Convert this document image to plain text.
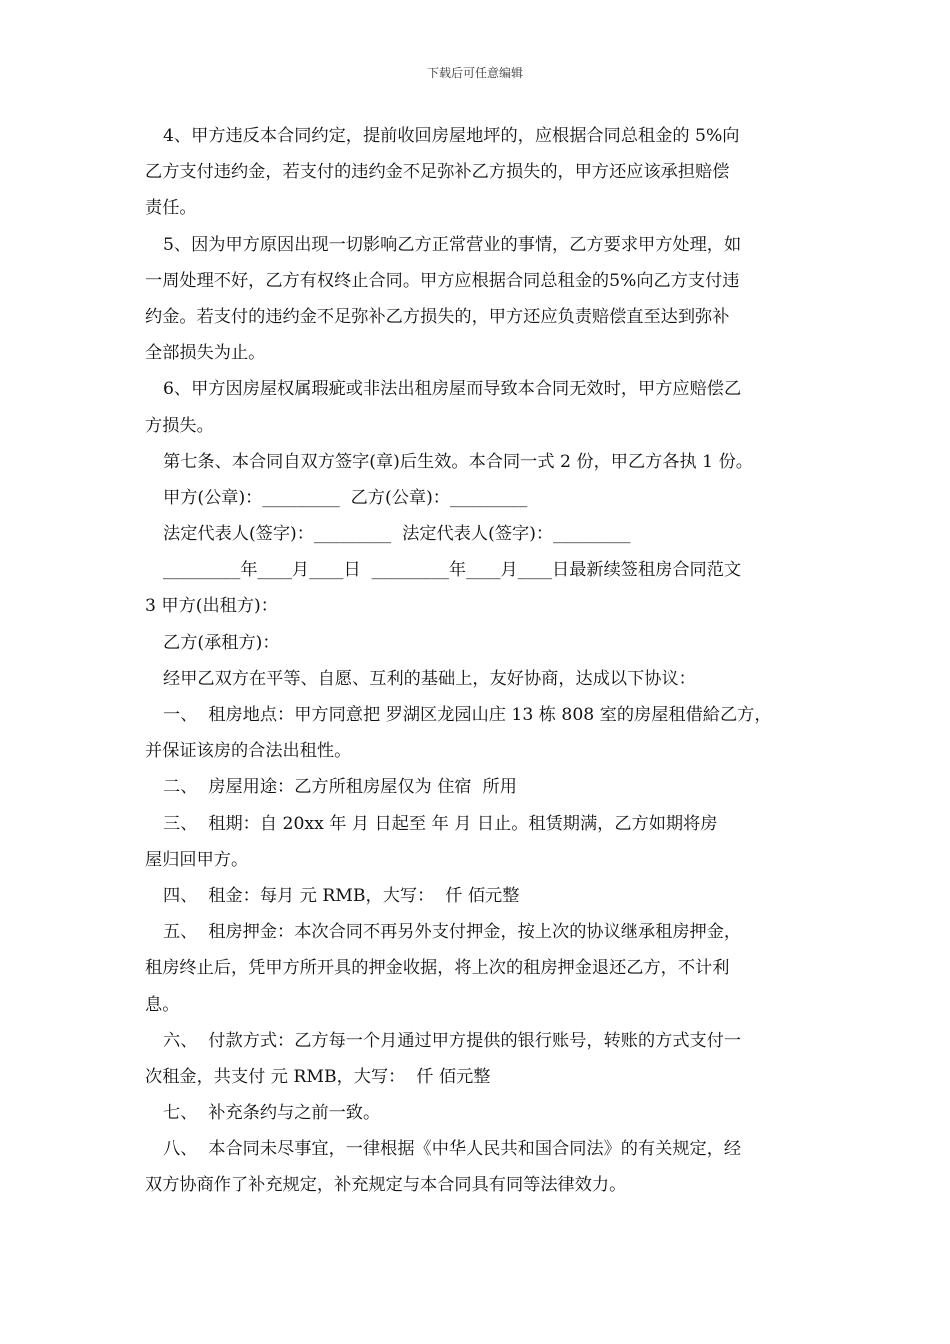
下载后可任意编辑
4、甲方违反本合同约定，提前收回房屋地坪的，应根据合同总租金的 5%向
乙方支付违约金，若支付的违约金不足弥补乙方损失的，甲方还应该承担赔偿
责任。
5、因为甲方原因出现一切影响乙方正常营业的事情，乙方要求甲方处理，如
一周处理不好，乙方有权终止合同。甲方应根据合同总租金的5%向乙方支付违
约金。若支付的违约金不足弥补乙方损失的，甲方还应负责赔偿直至达到弥补
全部损失为止。
6、甲方因房屋权属瑕疵或非法出租房屋而导致本合同无效时，甲方应赔偿乙
方损失。
第七条、本合同自双方签字(章)后生效。本合同一式 2 份，甲乙方各执 1 份。
甲方(公章)：_________  乙方(公章)：_________
法定代表人(签字)：_________  法定代表人(签字)：_________
_________年____月____日  _________年____月____日最新续签租房合同范文
3 甲方(出租方)：
乙方(承租方)：
经甲乙双方在平等、自愿、互利的基础上，友好协商，达成以下协议：
一、  租房地点：甲方同意把 罗湖区龙园山庄 13 栋 808 室的房屋租借給乙方，
并保证该房的合法出租性。
二、  房屋用途：乙方所租房屋仅为 住宿  所用
三、  租期：自 20xx 年 月 日起至 年 月 日止。租赁期满，乙方如期将房
屋归回甲方。
四、  租金：每月 元 RMB，大写：  仟 佰元整
五、  租房押金：本次合同不再另外支付押金，按上次的协议继承租房押金，
租房终止后，凭甲方所开具的押金收据，将上次的租房押金退还乙方，不计利
息。
六、  付款方式：乙方每一个月通过甲方提供的银行账号，转账的方式支付一
次租金，共支付 元 RMB，大写：  仟 佰元整
七、  补充条约与之前一致。
八、  本合同未尽事宜，一律根据《中华人民共和国合同法》的有关规定，经
双方协商作了补充规定，补充规定与本合同具有同等法律效力。
